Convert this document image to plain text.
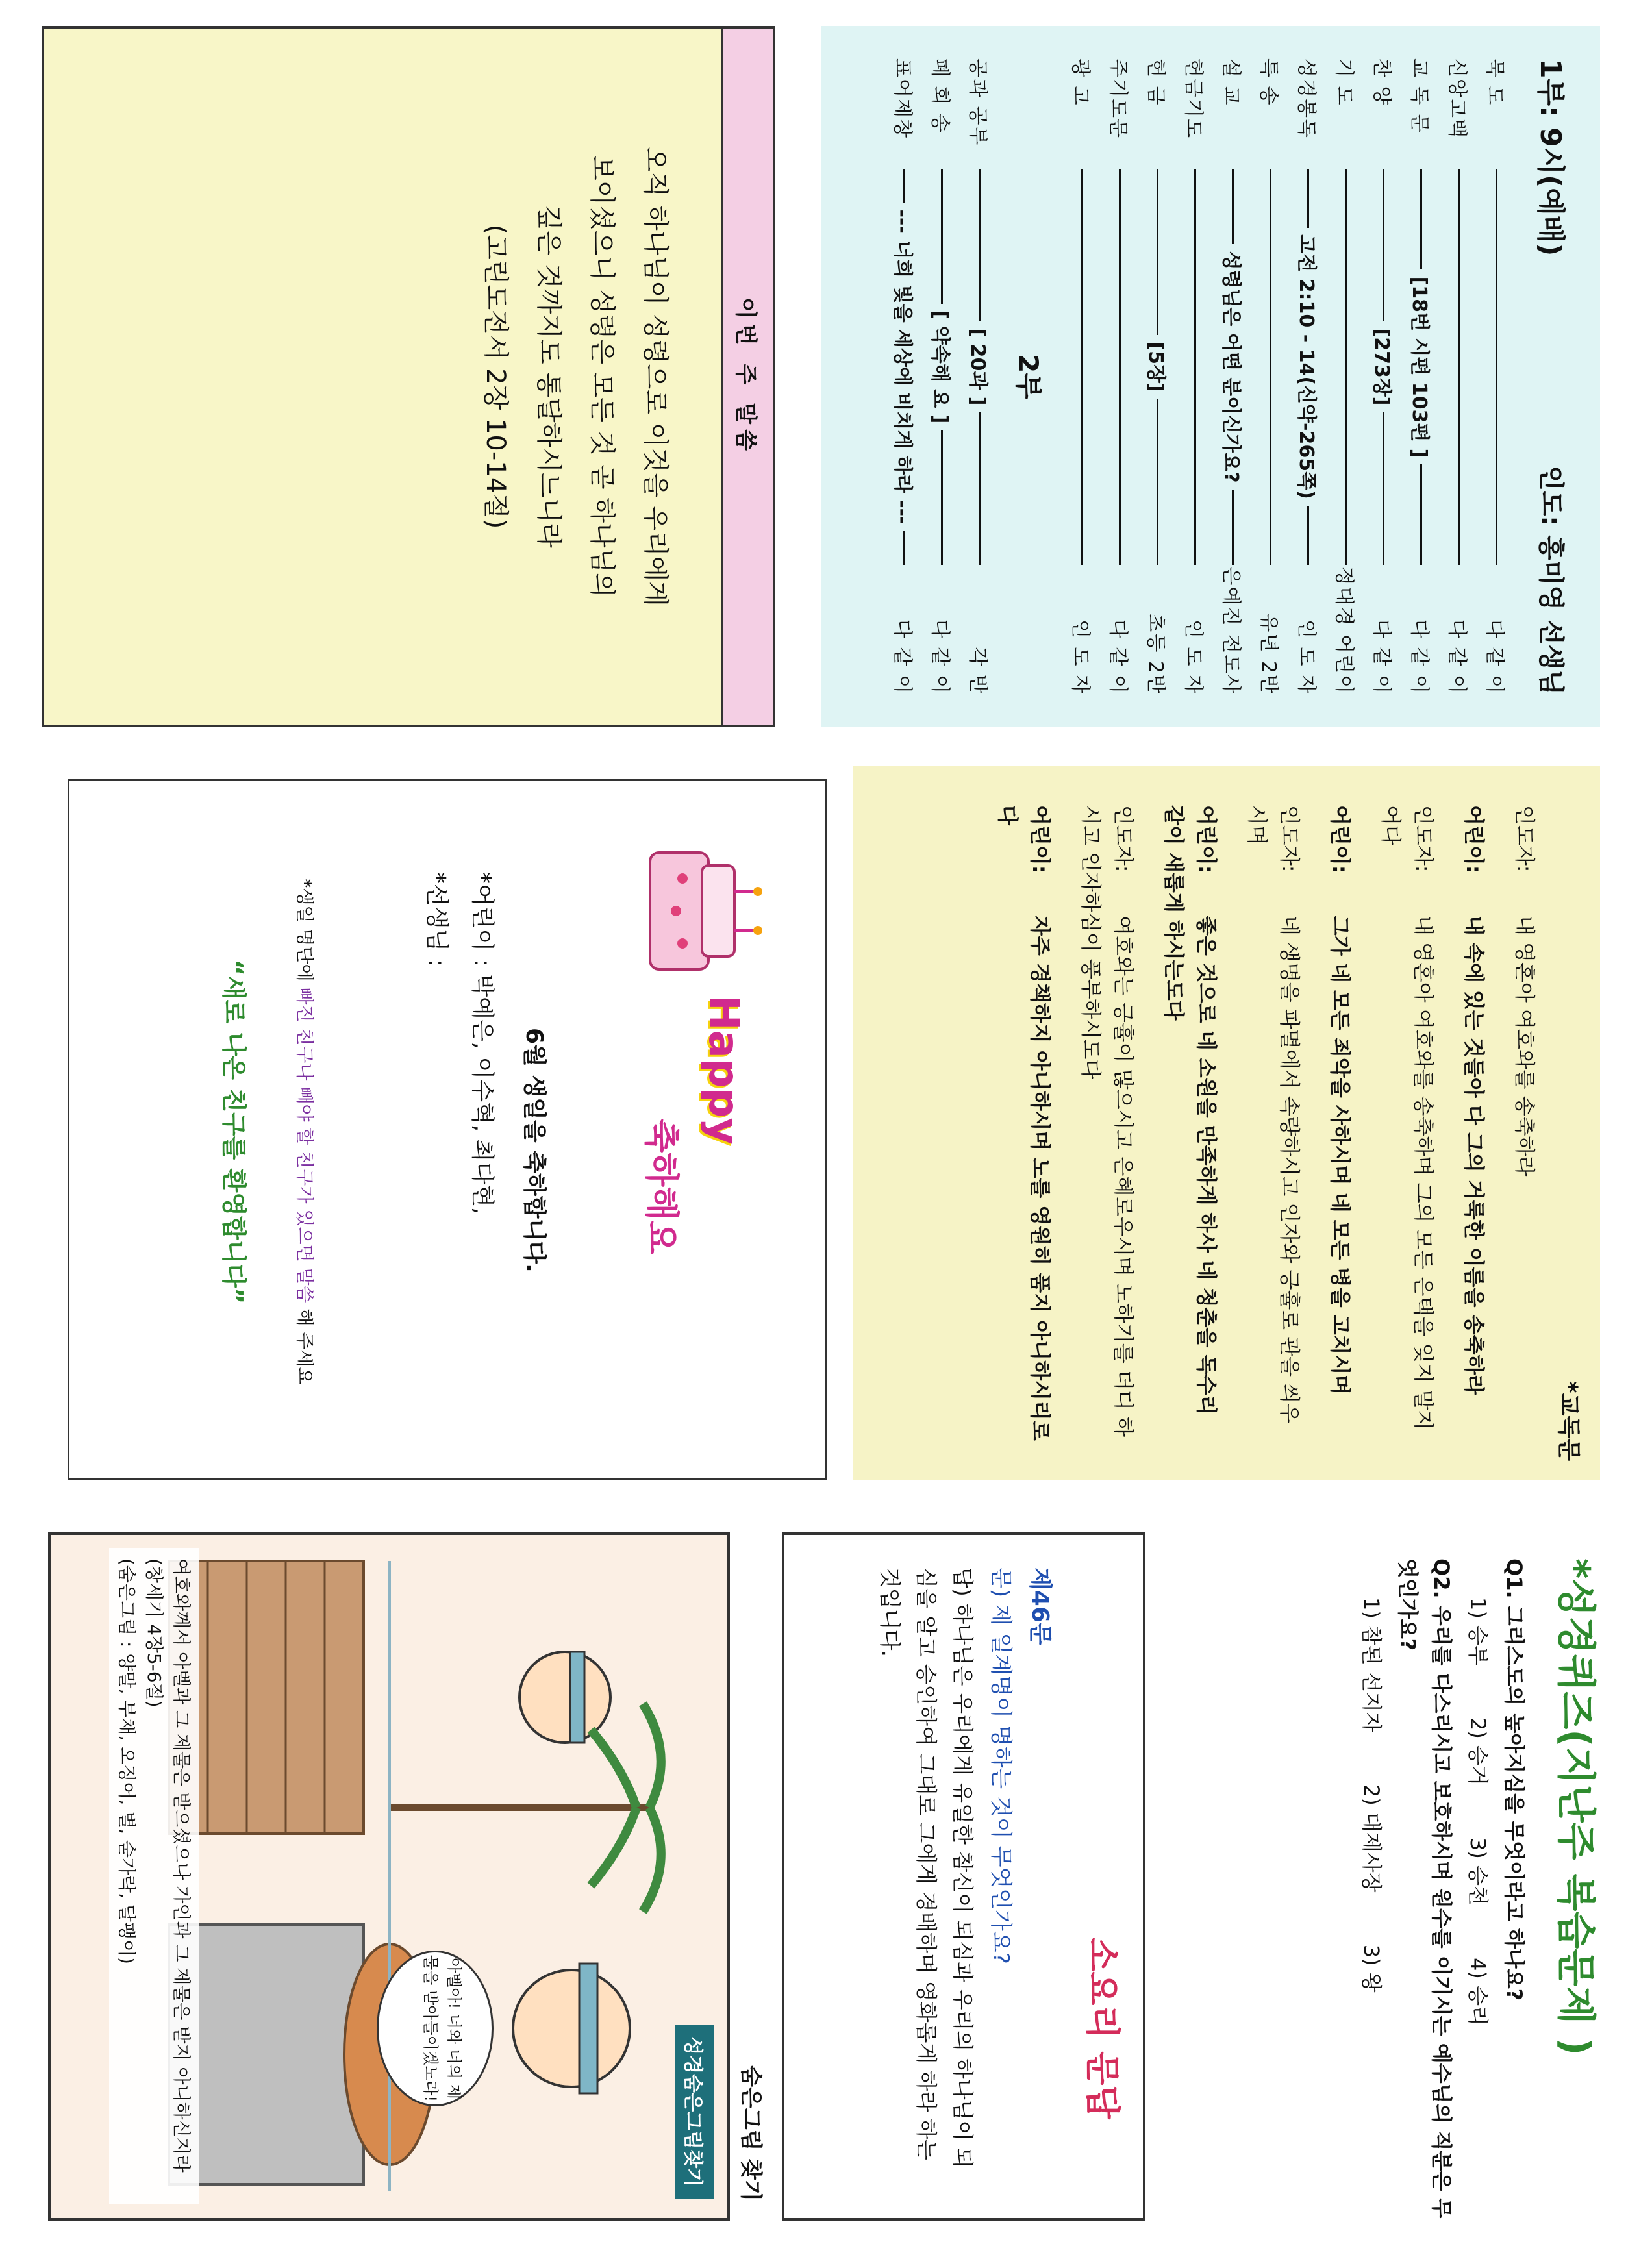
1부: 9시(예배)
인도: 홍미영 선생님
묵 도
다 같 이
신앙고백
다 같 이
교 독 문
[18번 시편 103편 ]
다 같 이
찬 양
[273장]
다 같 이
기 도
정대경 어린이
성경봉독
고전 2:10 - 14(신약-265쪽)
인 도 자
특 송
유년 2반
설 교
성령님은 어떤 분이신가요?
은예진 전도사
헌금기도
인 도 자
헌 금
[5장]
초등 2반
주기도문
다 같 이
광 고
인 도 자
2부
공과 공부
[ 20과 ]
각 반
폐 회 송
[ 약속해 요 ]
다 같 이
표어제창
--- 너희 빛을 세상에 비치게 하라 ---
다 같 이
이번 주 말씀
오직 하나님이 성령으로 이것을 우리에게
보이셨으니 성령은 모든 것 곧 하나님의
깊은 것까지도 통달하시느니라
(고린도전서 2장 10-14절)
*교독문
인도자:내 영혼아 여호와를 송축하라
어린이:내 속에 있는 것들아 다 그의 거룩한 이름을 송축하라
인도자:내 영혼아 여호와를 송축하며 그의 모든 은택을 잊지 말지어다
어린이:그가 네 모든 죄악을 사하시며 네 모든 병을 고치시며
인도자:네 생명을 파멸에서 속량하시고 인자와 긍휼로 관을 씌우시며
어린이:좋은 것으로 네 소원을 만족하게 하사 네 청춘을 독수리 같이 새롭게 하시는도다
인도자:여호와는 긍휼이 많으시고 은혜로우시며 노하기를 더디 하시고 인자하심이 풍부하시도다
어린이:자주 경책하지 아니하시며 노를 영원히 품지 아니하시리로다
Happy
축하해요
6월 생일을 축하합니다.
*어린이 : 박예은, 이수혁, 최다현,
*선생님 :
*생일 명단에 빠진 친구나 빼야 할 친구가 있으면 말씀 해 주세요
“새로 나온 친구를 환영합니다”
*성경퀴즈(지난주 복습문제 )
Q1. 그리스도의 높아지심을 무엇이라고 하나요?
1) 승부 2) 승거 3) 승천 4) 승리
Q2. 우리를 다스리시고 보호하시며 원수를 이기시는 예수님의 직분은 무엇인가요?
1) 참된 선지자 2) 대제사장 3) 왕
소요리 문답
제46문
문) 제 일계명이 명하는 것이 무엇인가요?
답) 하나님은 우리에게 유일한 참신이 되심과 우리의 하나님이 되심을 알고 승인하여 그대로 그에게 경배하며 영화롭게 하라 하는 것입니다.
숨은그림 찾기
성경숨은그림찾기
아벨아! 너와 너의 제물을 받아들이겠노라!
여호와께서 아벨과 그 제물은 받으셨으나 가인과 그 제물은 받지 아니하신지라(창세기 4장5-6절)
(숨은그림 : 양말, 부채, 오징어, 별, 숟가락, 달팽이)
